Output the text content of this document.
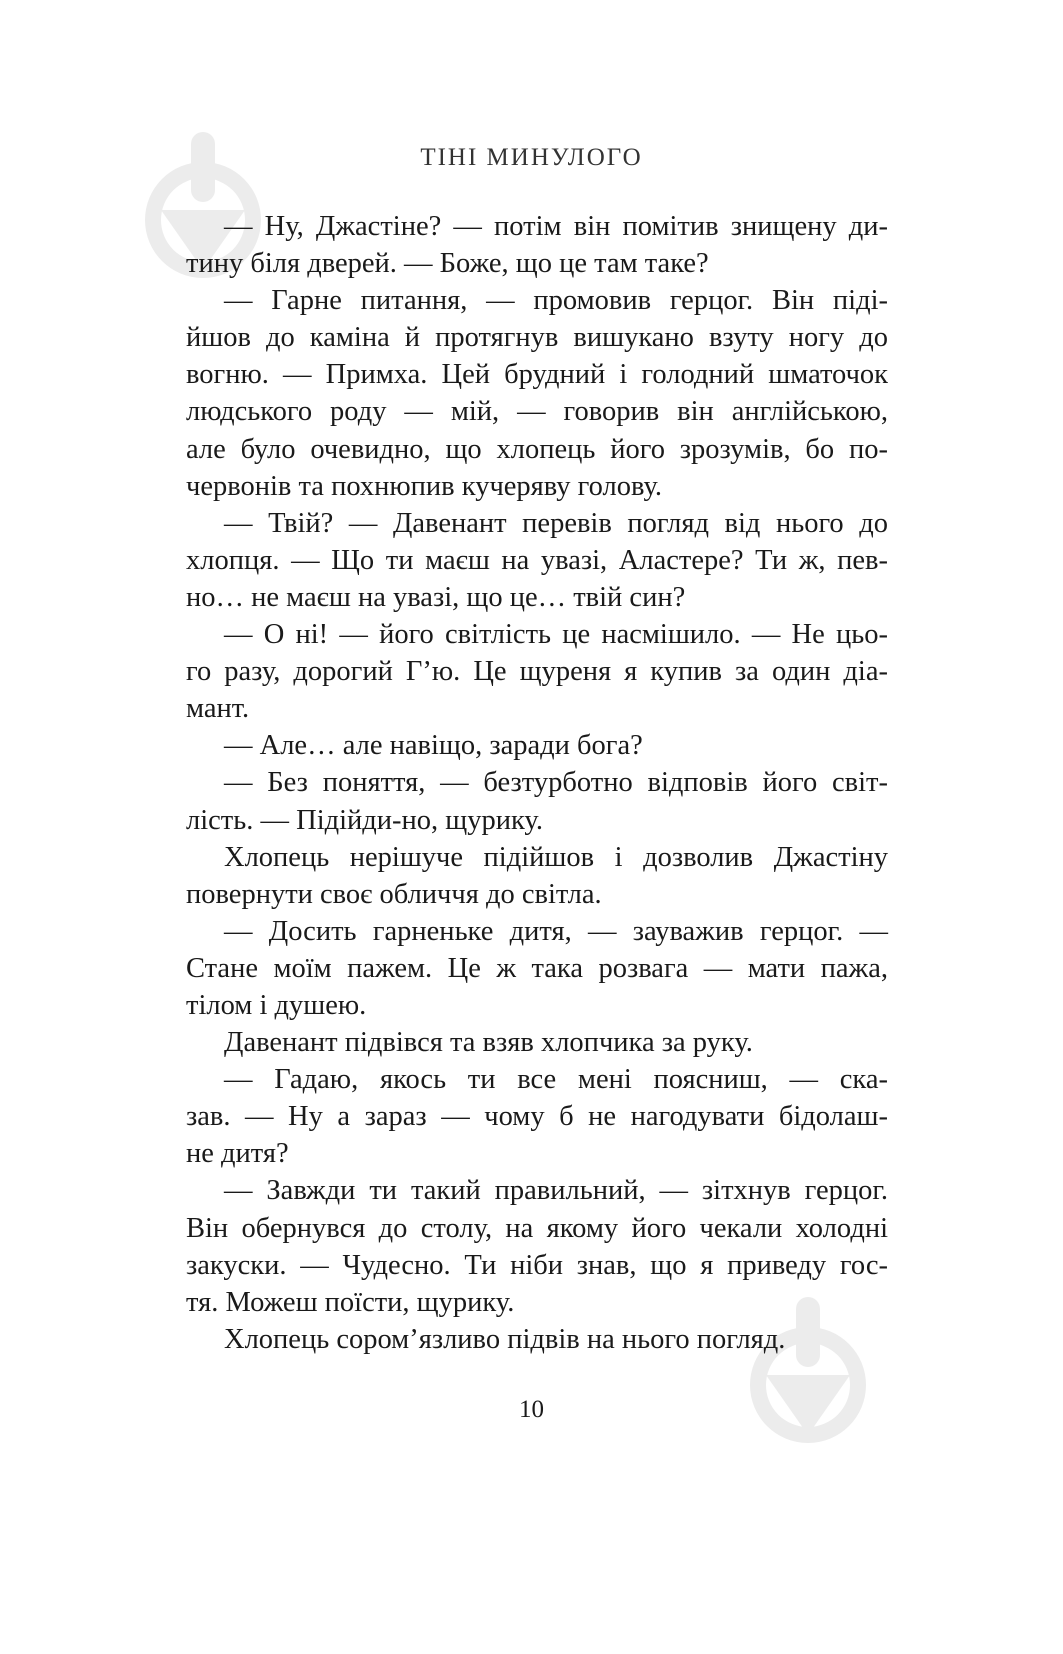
ТІНІ МИНУЛОГО
— Ну, Джастіне? — потім він помітив знищену ди-
тину біля дверей. — Боже, що це там таке?
— Гарне питання, — промовив герцог. Він піді-
йшов до каміна й протягнув вишукано взуту ногу до
вогню. — Примха. Цей брудний і голодний шматочок
людського роду — мій, — говорив він англійською,
але було очевидно, що хлопець його зрозумів, бо по-
червонів та похнюпив кучеряву голову.
— Твій? — Давенант перевів погляд від нього до
хлопця. — Що ти маєш на увазі, Аластере? Ти ж, пев-
но… не маєш на увазі, що це… твій син?
— О ні! — його світлість це насмішило. — Не цьо-
го разу, дорогий Г’ю. Це щуреня я купив за один діа-
мант.
— Але… але навіщо, заради бога?
— Без поняття, — безтурботно відповів його світ-
лість. — Підійди-но, щурику.
Хлопець нерішуче підійшов і дозволив Джастіну
повернути своє обличчя до світла.
— Досить гарненьке дитя, — зауважив герцог. —
Стане моїм пажем. Це ж така розвага — мати пажа,
тілом і душею.
Давенант підвівся та взяв хлопчика за руку.
— Гадаю, якось ти все мені поясниш, — ска-
зав. — Ну а зараз — чому б не нагодувати бідолаш-
не дитя?
— Завжди ти такий правильний, — зітхнув герцог.
Він обернувся до столу, на якому його чекали холодні
закуски. — Чудесно. Ти ніби знав, що я приведу гос-
тя. Можеш поїсти, щурику.
Хлопець сором’язливо підвів на нього погляд.
10
